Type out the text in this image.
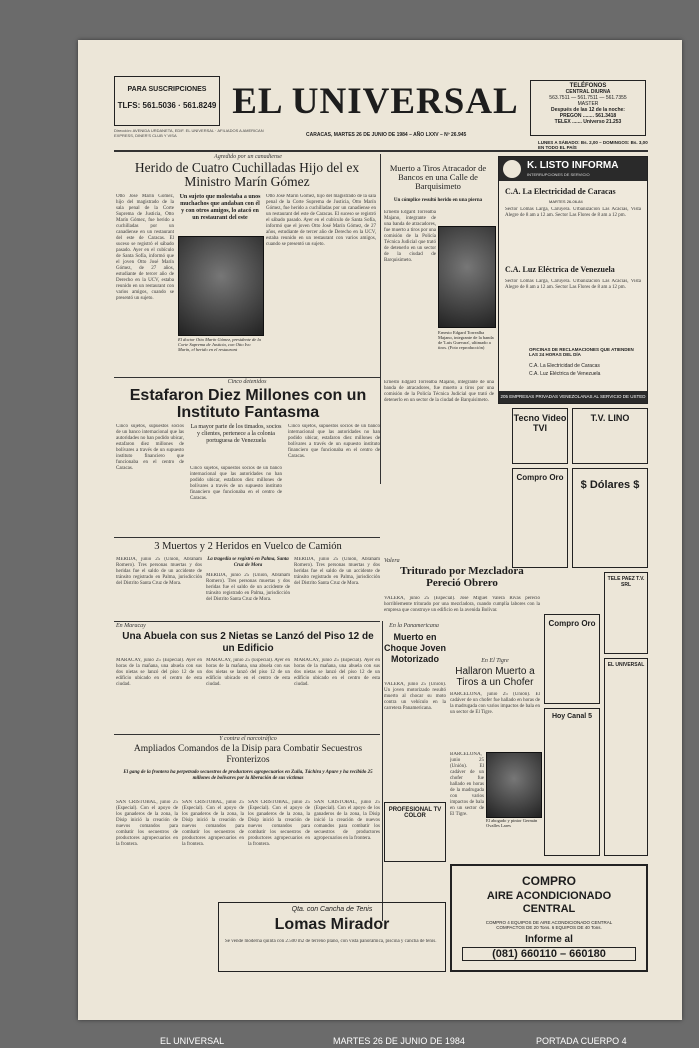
PARA SUSCRIPCIONES
TLFS: 561.5036 · 561.8249
Dirección: AVENIDA URDANETA, EDIF. EL UNIVERSAL · AFILIADOS A AMERICAN EXPRESS, DINER'S CLUB Y VISA
EL UNIVERSAL
CARACAS, MARTES 26 DE JUNIO DE 1984 – AÑO LXXV – Nº 26.945
TELÉFONOS
CENTRAL DIURNA
563.7511 — 561.7511 — 561.7355
MASTER
Después de las 12 de la noche:
PREGON ........ 561.3418
TELEX ....... Universo 21.253
LUNES A SÁBADO: Bs. 2,00 – DOMINGOS: Bs. 3,00 EN TODO EL PAÍS
Agredido por un canadiense
Herido de Cuatro Cuchilladas Hijo del ex Ministro Marín Gómez

Otto José Marín Gómez, hijo del magistrado de la sala penal de la Corte Suprema de Justicia, Otto Marín Gómez, fue herido a cuchilladas por un canadiense en un restaurant del este de Caracas. El suceso se registró el sábado pasado. Ayer en el cubículo de Santa Sofía, informó que el joven Otto José Marín Gómez, de 27 años, estudiante de tercer año de Derecho en la UCV, estaba reunido en un restaurant con varios amigos, cuando se presentó un sujeto.

Un sujeto que molestaba a unos muchachos que andaban con él y con otros amigos, lo atacó en un restaurant del este
El doctor Otto Marín Gómez, presidente de la Corte Suprema de Justicia, con Otto Ivo Marín, el herido en el restaurant

Otto José Marín Gómez, hijo del magistrado de la sala penal de la Corte Suprema de Justicia, Otto Marín Gómez, fue herido a cuchilladas por un canadiense en un restaurant del este de Caracas. El suceso se registró el sábado pasado. Ayer en el cubículo de Santa Sofía, informó que el joven Otto José Marín Gómez, de 27 años, estudiante de tercer año de Derecho en la UCV, estaba reunido en un restaurant con varios amigos, cuando se presentó un sujeto.

Muerto a Tiros Atracador de Bancos en una Calle de Barquisimeto
Un cómplice resultó herido en una pierna

Ernesto Edgard Torrealba Majano, integrante de una banda de atracadores, fue muerto a tiros por una comisión de la Policía Técnica Judicial que trató de detenerlo en un sector de la ciudad de Barquisimeto.

Ernesto Edgard Torrealba Majano, integrante de la banda de 'Luis Guevara', ultimado a tiros. (Foto reproducción)

Ernesto Edgard Torrealba Majano, integrante de una banda de atracadores, fue muerto a tiros por una comisión de la Policía Técnica Judicial que trató de detenerlo en un sector de la ciudad de Barquisimeto.

K. LISTO INFORMA
INTERRUPCIONES DE SERVICIO
C.A. La Electricidad de Caracas
MARTES 26-06-84

Sector Lomas Larga, Caruyera. Urbanización Las Acacias, Vista Alegre de 8 am a 12 am. Sector Las Flores de 8 am a 12 pm.

C.A. Luz Eléctrica de Venezuela

Sector Lomas Larga, Caruyera. Urbanización Las Acacias, Vista Alegre de 8 am a 12 am. Sector Las Flores de 8 am a 12 pm.

OFICINAS DE RECLAMACIONES QUE ATIENDEN LAS 24 HORAS DEL DÍA
C.A. La Electricidad de Caracas
C.A. Luz Eléctrica de Venezuela
205 EMPRESAS PRIVADAS VENEZOLANAS AL SERVICIO DE USTED
Cinco detenidos
Estafaron Diez Millones con un Instituto Fantasma

Cinco sujetos, supuestos socios de un banco internacional que las autoridades no han podido ubicar, estafaron diez millones de bolívares a través de un supuesto instituto financiero que funcionaba en el centro de Caracas.

La mayor parte de los timados, socios y clientes, pertenece a la colonia portuguesa de Venezuela

Cinco sujetos, supuestos socios de un banco internacional que las autoridades no han podido ubicar, estafaron diez millones de bolívares a través de un supuesto instituto financiero que funcionaba en el centro de Caracas.

Cinco sujetos, supuestos socios de un banco internacional que las autoridades no han podido ubicar, estafaron diez millones de bolívares a través de un supuesto instituto financiero que funcionaba en el centro de Caracas.

3 Muertos y 2 Heridos en Vuelco de Camión

MÉRIDA, junio 25 (Unión, Abrahám Romero). Tres personas muertas y dos heridas fue el saldo de un accidente de tránsito registrado en Palma, jurisdicción del Distrito Santa Cruz de Mora.

La tragedia se registró en Palma, Santa Cruz de Mora

MÉRIDA, junio 25 (Unión, Abrahám Romero). Tres personas muertas y dos heridas fue el saldo de un accidente de tránsito registrado en Palma, jurisdicción del Distrito Santa Cruz de Mora.

MÉRIDA, junio 25 (Unión, Abrahám Romero). Tres personas muertas y dos heridas fue el saldo de un accidente de tránsito registrado en Palma, jurisdicción del Distrito Santa Cruz de Mora.

En Maracay
Una Abuela con sus 2 Nietas se Lanzó del Piso 12 de un Edificio

MARACAY, junio 25 (Especial). Ayer en horas de la mañana, una abuela con sus dos nietas se lanzó del piso 12 de un edificio ubicado en el centro de esta ciudad.

MARACAY, junio 25 (Especial). Ayer en horas de la mañana, una abuela con sus dos nietas se lanzó del piso 12 de un edificio ubicado en el centro de esta ciudad.

MARACAY, junio 25 (Especial). Ayer en horas de la mañana, una abuela con sus dos nietas se lanzó del piso 12 de un edificio ubicado en el centro de esta ciudad.

Y contra el narcotráfico
Ampliados Comandos de la Disip para Combatir Secuestros Fronterizos
El gang de la frontera ha perpetrado secuestros de productores agropecuarios en Zulia, Táchira y Apure y ha recibido 25 millones de bolívares por la liberación de sus víctimas

SAN CRISTÓBAL, junio 25 (Especial). Con el apoyo de los ganaderos de la zona, la Disip inició la creación de nuevos comandos para combatir los secuestros de productores agropecuarios en la frontera.

SAN CRISTÓBAL, junio 25 (Especial). Con el apoyo de los ganaderos de la zona, la Disip inició la creación de nuevos comandos para combatir los secuestros de productores agropecuarios en la frontera.

SAN CRISTÓBAL, junio 25 (Especial). Con el apoyo de los ganaderos de la zona, la Disip inició la creación de nuevos comandos para combatir los secuestros de productores agropecuarios en la frontera.

SAN CRISTÓBAL, junio 25 (Especial). Con el apoyo de los ganaderos de la zona, la Disip inició la creación de nuevos comandos para combatir los secuestros de productores agropecuarios en la frontera.

En la Panamericana
Muerto en Choque Joven Motorizado

VALERA, junio 25 (Unión). Un joven motorizado resultó muerto al chocar su moto contra un vehículo en la carretera Panamericana.

PROFESIONAL TV COLOR
Valera
Triturado por Mezcladora Pereció Obrero

VALERA, junio 25 (Especial). José Miguel Valera Rivas pereció horriblemente triturado por una mezcladora, cuando cumplía labores con la empresa que construye un edificio en la avenida Bolívar.

En El Tigre
Hallaron Muerto a Tiros a un Chofer

BARCELONA, junio 25 (Unión). El cadáver de un chofer fue hallado en horas de la madrugada con varios impactos de bala en un sector de El Tigre.

El abogado y pintor Germán Ovalles Lares

BARCELONA, junio 25 (Unión). El cadáver de un chofer fue hallado en horas de la madrugada con varios impactos de bala en un sector de El Tigre.

Tecno Video TVI
T.V. LINO
Compro Oro
$ Dólares $
Compro Oro
TELE PAEZ T.V. SRL
Hoy Canal 5
EL UNIVERSAL
COMPRO
AIRE ACONDICIONADO CENTRAL
COMPRO 4 EQUIPOS DE AIRE ACONDICIONADO CENTRAL COMPACTOS DE 20 Tons. 6 EQUIPOS DE 40 Tons.
Informe al
(081) 660110 – 660180
Qta. con Cancha de Tenis
Lomas Mirador

Se vende moderna quinta con 2.500 m2 de terreno plano, con vista panorámica, piscina y cancha de tenis.

EL UNIVERSAL	MARTES 26 DE JUNIO DE 1984	PORTADA CUERPO 4
